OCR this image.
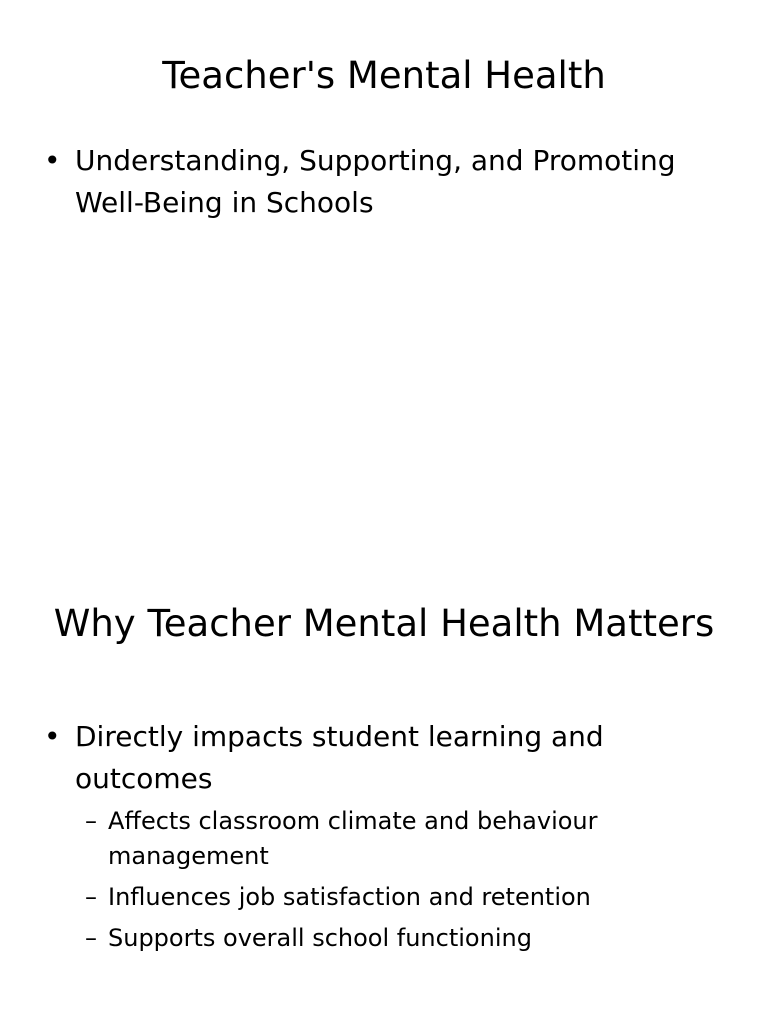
Teacher's Mental Health
• Understanding, Supporting, and Promoting Well-Being in Schools
Why Teacher Mental Health Matters
• Directly impacts student learning and outcomes
– Affects classroom climate and behaviour management
– Influences job satisfaction and retention
– Supports overall school functioning
